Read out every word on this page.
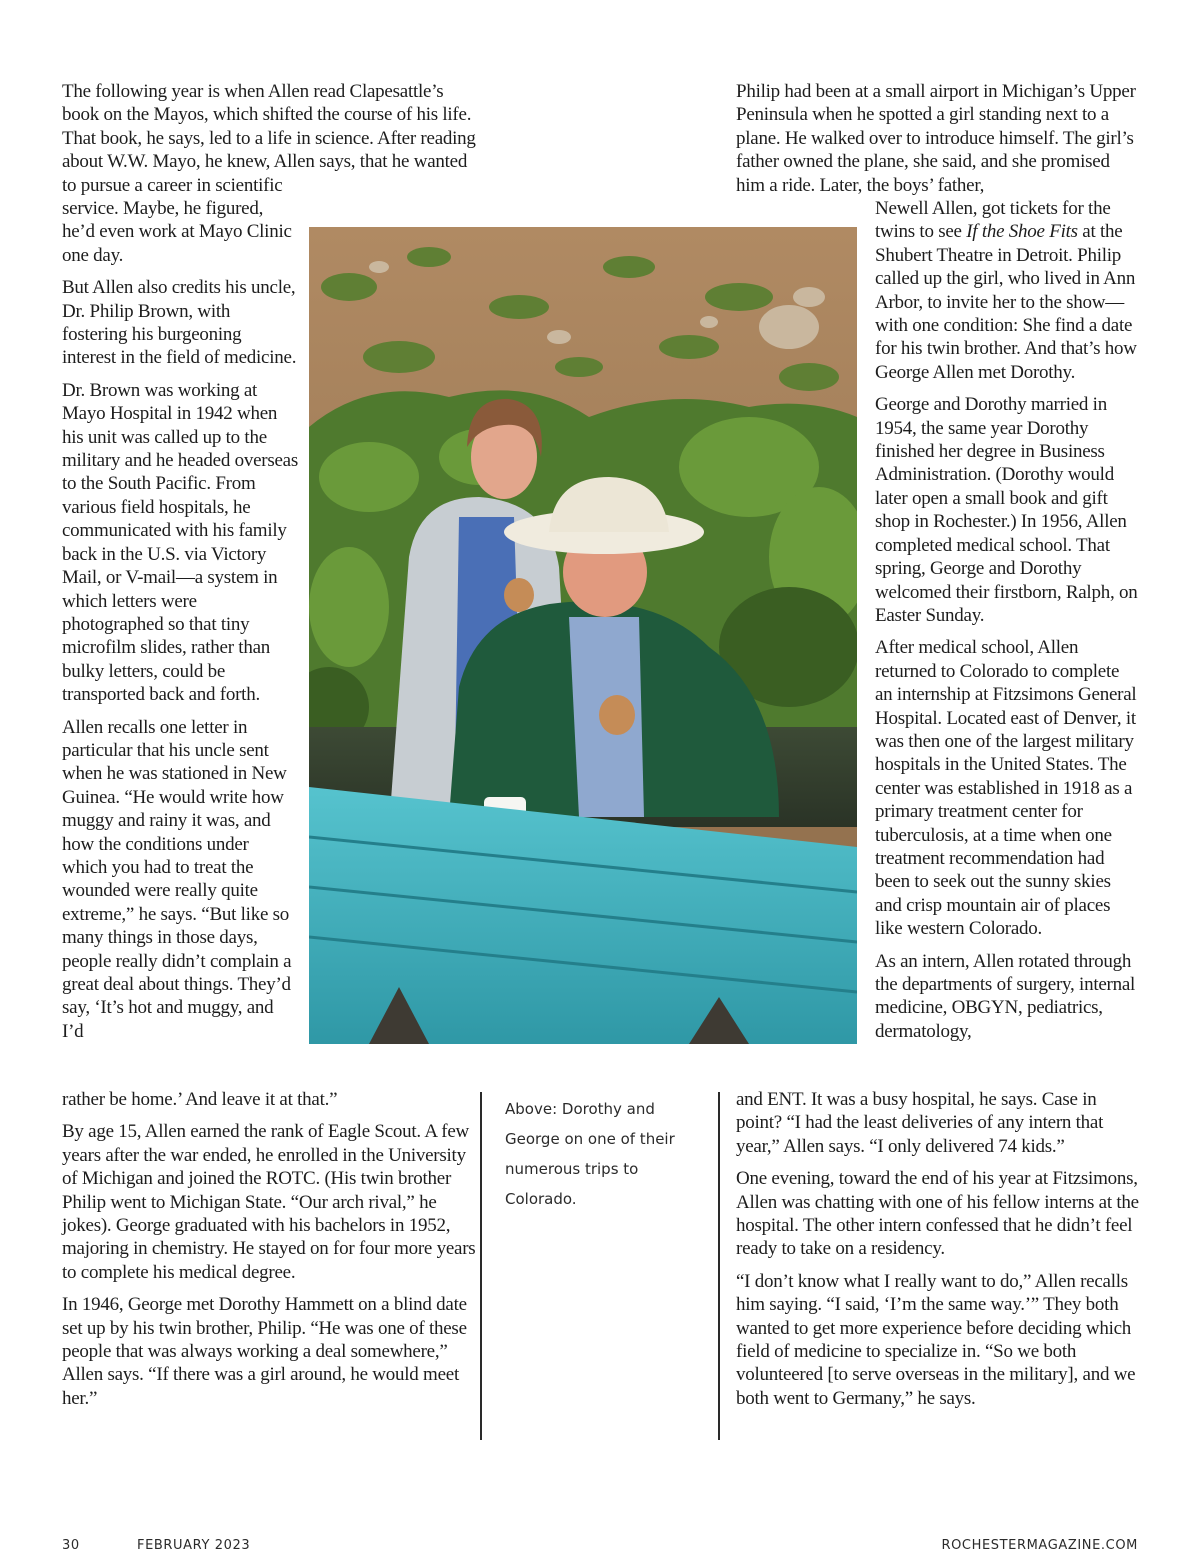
The following year is when Allen read Clapesattle’s book on the Mayos, which shifted the course of his life. That book, he says, led to a life in science. After reading about W.W. Mayo, he knew, Allen says, that he wanted to pursue a career in scientific

service. Maybe, he figured, he’d even work at Mayo Clinic one day.

But Allen also credits his uncle, Dr. Philip Brown, with fostering his burgeoning interest in the field of medicine.

Dr. Brown was working at Mayo Hospital in 1942 when his unit was called up to the military and he headed overseas to the South Pacific. From various field hospitals, he communicated with his family back in the U.S. via Victory Mail, or V-mail—a system in which letters were photographed so that tiny microfilm slides, rather than bulky letters, could be transported back and forth.

Allen recalls one letter in particular that his uncle sent when he was stationed in New Guinea. “He would write how muggy and rainy it was, and how the conditions under which you had to treat the wounded were really quite extreme,” he says. “But like so many things in those days, people really didn’t complain a great deal about things. They’d say, ‘It’s hot and muggy, and I’d

rather be home.’ And leave it at that.”

By age 15, Allen earned the rank of Eagle Scout. A few years after the war ended, he enrolled in the University of Michigan and joined the ROTC. (His twin brother Philip went to Michigan State. “Our arch rival,” he jokes). George graduated with his bachelors in 1952, majoring in chemistry. He stayed on for four more years to complete his medical degree.

In 1946, George met Dorothy Hammett on a blind date set up by his twin brother, Philip. “He was one of these people that was always working a deal somewhere,” Allen says. “If there was a girl around, he would meet her.”

Above: Dorothy and George on one of their numerous trips to Colorado.

Philip had been at a small airport in Michigan’s Upper Peninsula when he spotted a girl standing next to a plane. He walked over to introduce himself. The girl’s father owned the plane, she said, and she promised him a ride. Later, the boys’ father,

Newell Allen, got tickets for the twins to see If the Shoe Fits at the Shubert Theatre in Detroit. Philip called up the girl, who lived in Ann Arbor, to invite her to the show—with one condition: She find a date for his twin brother. And that’s how George Allen met Dorothy.

George and Dorothy married in 1954, the same year Dorothy finished her degree in Business Administration. (Dorothy would later open a small book and gift shop in Rochester.) In 1956, Allen completed medical school. That spring, George and Dorothy welcomed their firstborn, Ralph, on Easter Sunday.

After medical school, Allen returned to Colorado to complete an internship at Fitzsimons General Hospital. Located east of Denver, it was then one of the largest military hospitals in the United States. The center was established in 1918 as a primary treatment center for tuberculosis, at a time when one treatment recommendation had been to seek out the sunny skies and crisp mountain air of places like western Colorado.

As an intern, Allen rotated through the departments of surgery, internal medicine, OBGYN, pediatrics, dermatology,

and ENT. It was a busy hospital, he says. Case in point? “I had the least deliveries of any intern that year,” Allen says. “I only delivered 74 kids.”

One evening, toward the end of his year at Fitzsimons, Allen was chatting with one of his fellow interns at the hospital. The other intern confessed that he didn’t feel ready to take on a residency.

“I don’t know what I really want to do,” Allen recalls him saying. “I said, ‘I’m the same way.’” They both wanted to get more experience before deciding which field of medicine to specialize in. “So we both volunteered [to serve overseas in the military], and we both went to Germany,” he says.

30	FEBRUARY 2023	ROCHESTERMAGAZINE.COM
